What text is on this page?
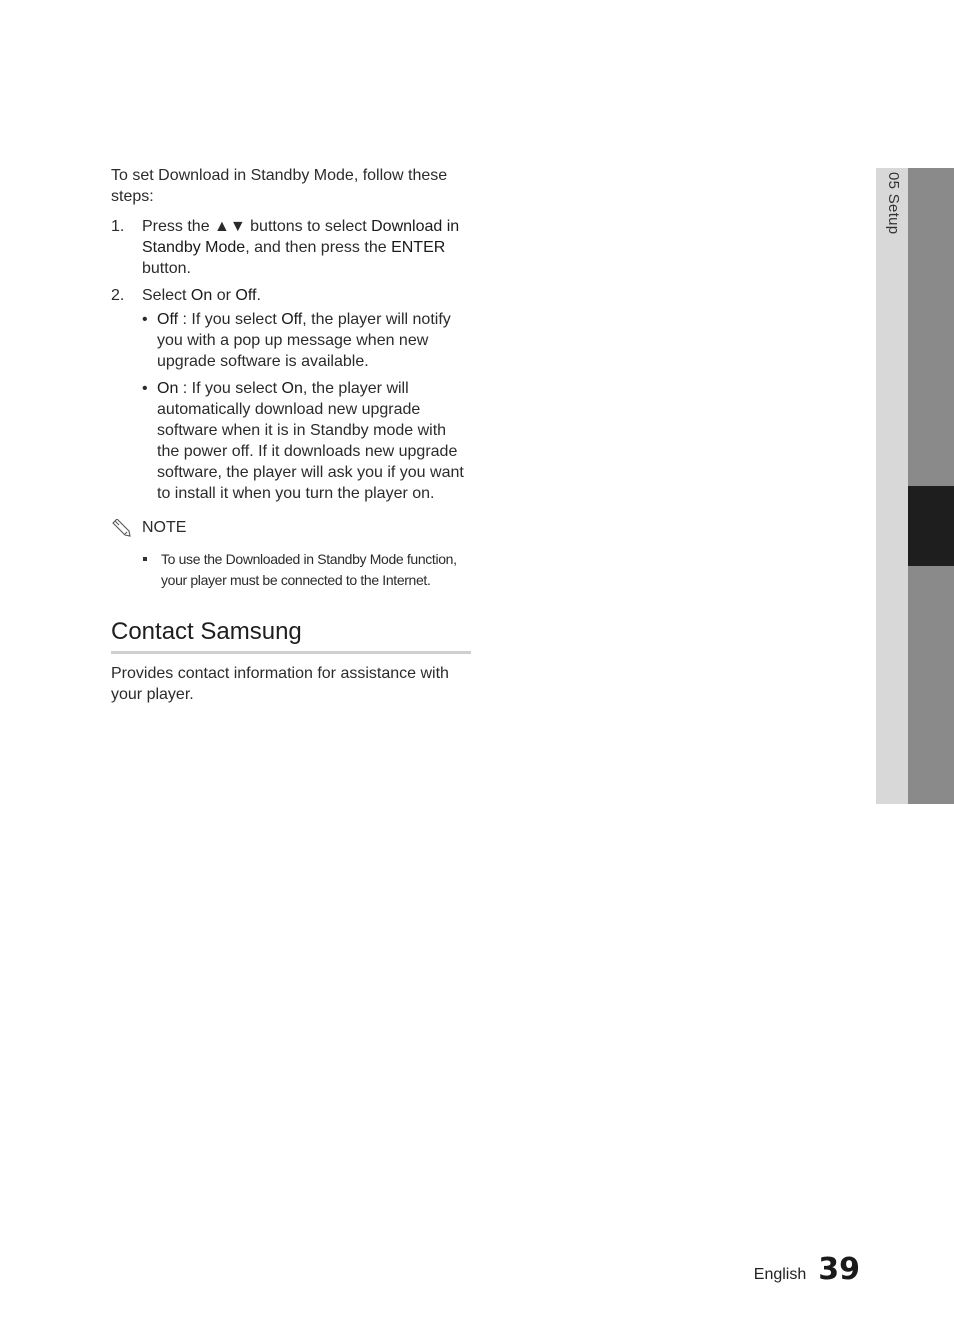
05 Setup

To set Download in Standby Mode, follow these steps:

1. Press the ▲▼ buttons to select Download in Standby Mode, and then press the ENTER button.
2. Select On or Off.
• Off : If you select Off, the player will notify you with a pop up message when new upgrade software is available.
• On : If you select On, the player will automatically download new upgrade software when it is in Standby mode with the power off. If it downloads new upgrade software, the player will ask you if you want to install it when you turn the player on.
NOTE
To use the Downloaded in Standby Mode function, your player must be connected to the Internet.
Contact Samsung

Provides contact information for assistance with your player.

English 39
